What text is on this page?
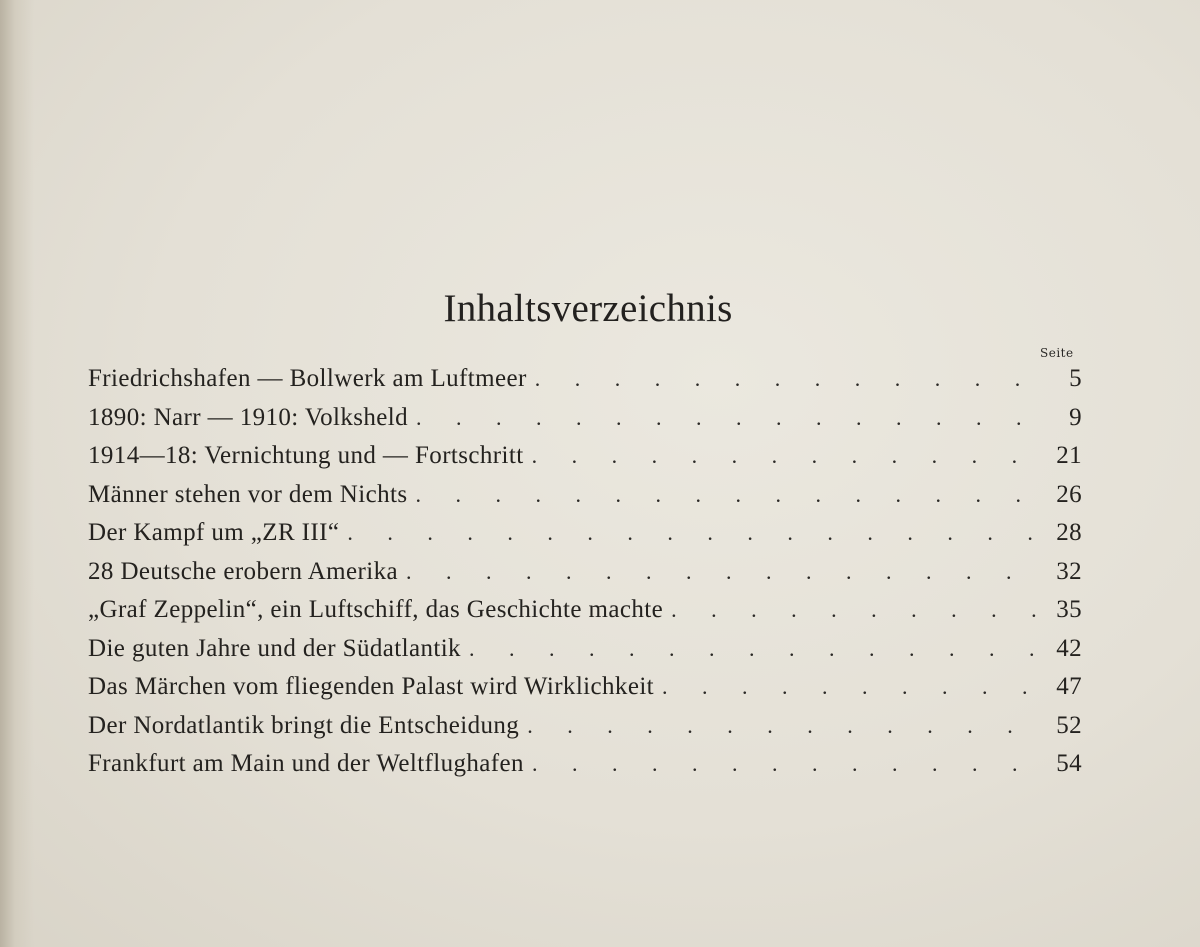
Inhaltsverzeichnis
Seite
Friedrichshafen — Bollwerk am Luftmeer . . .	5
1890: Narr — 1910: Volksheld . . .	9
1914—18: Vernichtung und — Fortschritt . . .	21
Männer stehen vor dem Nichts . . .	26
Der Kampf um „ZR III“ . . .	28
28 Deutsche erobern Amerika . . .	32
„Graf Zeppelin“, ein Luftschiff, das Geschichte machte . . .	35
Die guten Jahre und der Südatlantik . . .	42
Das Märchen vom fliegenden Palast wird Wirklichkeit . . .	47
Der Nordatlantik bringt die Entscheidung . . .	52
Frankfurt am Main und der Weltflughafen . . .	54
